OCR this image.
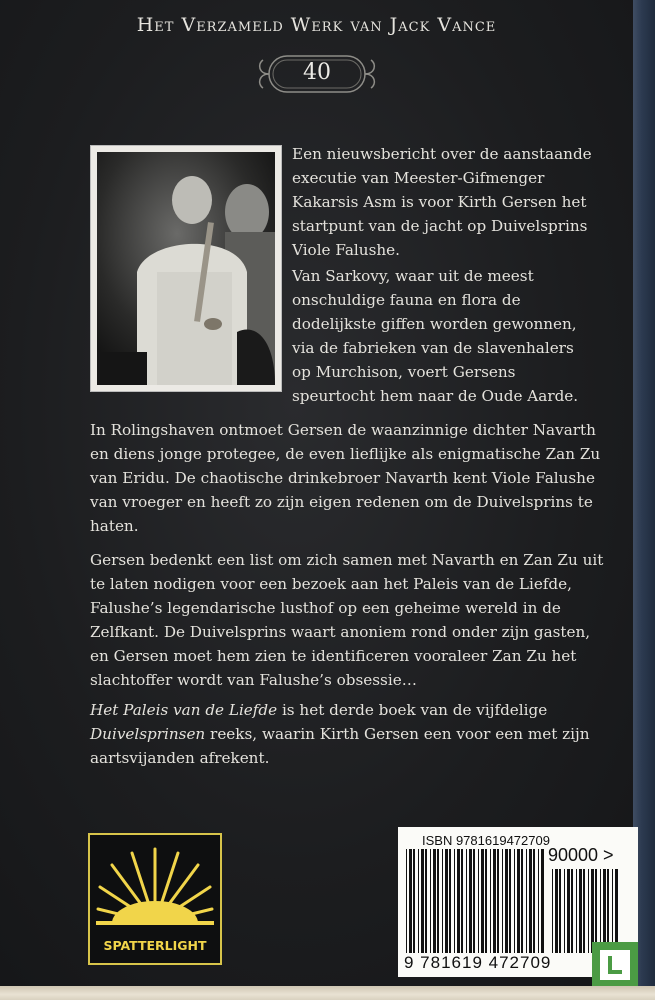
Het Verzameld Werk van Jack Vance
40

Een nieuwsbericht over de aanstaande executie van Meester-Gifmenger Kakarsis Asm is voor Kirth Gersen het startpunt van de jacht op Duivelsprins Viole Falushe.

Van Sarkovy, waar uit de meest onschuldige fauna en flora de dodelijkste giffen worden gewonnen, via de fabrieken van de slavenhalers op Murchison, voert Gersens speurtocht hem naar de Oude Aarde.

In Rolingshaven ontmoet Gersen de waanzinnige dichter Navarth en diens jonge protegee, de even lieflijke als enigmatische Zan Zu van Eridu. De chaotische drinkebroer Navarth kent Viole Falushe van vroeger en heeft zo zijn eigen redenen om de Duivelsprins te haten.

Gersen bedenkt een list om zich samen met Navarth en Zan Zu uit te laten nodigen voor een bezoek aan het Paleis van de Liefde, Falushe’s legendarische lusthof op een geheime wereld in de Zelfkant. De Duivelsprins waart anoniem rond onder zijn gasten, en Gersen moet hem zien te identificeren vooraleer Zan Zu het slachtoffer wordt van Falushe’s obsessie…

Het Paleis van de Liefde is het derde boek van de vijfdelige Duivelsprinsen reeks, waarin Kirth Gersen een voor een met zijn aartsvijanden afrekent.

SPATTERLIGHT
ISBN 9781619472709
90000 >
9 781619 472709
